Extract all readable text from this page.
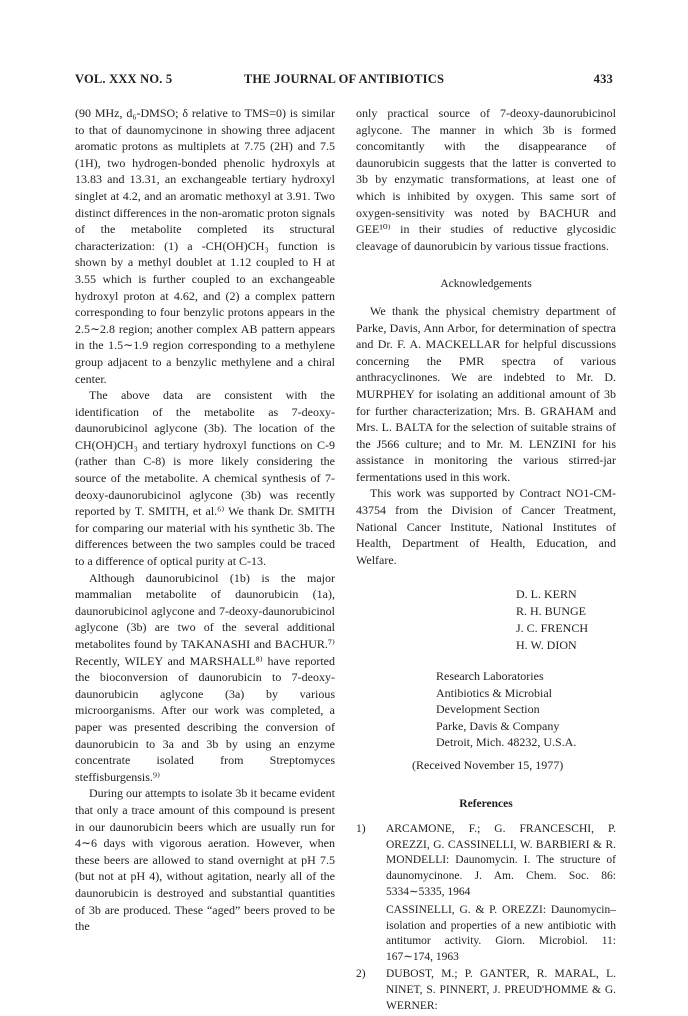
VOL. XXX NO. 5	THE JOURNAL OF ANTIBIOTICS	433

(90 MHz, d₆-DMSO; δ relative to TMS=0) is similar to that of daunomycinone in showing three adjacent aromatic protons as multiplets at 7.75 (2H) and 7.5 (1H), two hydrogen-bonded phenolic hydroxyls at 13.83 and 13.31, an exchangeable tertiary hydroxyl singlet at 4.2, and an aromatic methoxyl at 3.91. Two distinct differences in the non-aromatic proton signals of the metabolite completed its structural characterization: (1) a -CH(OH)CH₃ function is shown by a methyl doublet at 1.12 coupled to H at 3.55 which is further coupled to an exchangeable hydroxyl proton at 4.62, and (2) a complex pattern corresponding to four benzylic protons appears in the 2.5∼2.8 region; another complex AB pattern appears in the 1.5∼1.9 region corresponding to a methylene group adjacent to a benzylic methylene and a chiral center.

The above data are consistent with the identification of the metabolite as 7-deoxy-daunorubicinol aglycone (3b). The location of the CH(OH)CH₃ and tertiary hydroxyl functions on C-9 (rather than C-8) is more likely considering the source of the metabolite. A chemical synthesis of 7-deoxy-daunorubicinol aglycone (3b) was recently reported by T. SMITH, et al.⁶⁾ We thank Dr. SMITH for comparing our material with his synthetic 3b. The differences between the two samples could be traced to a difference of optical purity at C-13.

Although daunorubicinol (1b) is the major mammalian metabolite of daunorubicin (1a), daunorubicinol aglycone and 7-deoxy-daunorubicinol aglycone (3b) are two of the several additional metabolites found by TAKANASHI and BACHUR.⁷⁾ Recently, WILEY and MARSHALL⁸⁾ have reported the bioconversion of daunorubicin to 7-deoxy-daunorubicin aglycone (3a) by various microorganisms. After our work was completed, a paper was presented describing the conversion of daunorubicin to 3a and 3b by using an enzyme concentrate isolated from Streptomyces steffisburgensis.⁹⁾

During our attempts to isolate 3b it became evident that only a trace amount of this compound is present in our daunorubicin beers which are usually run for 4∼6 days with vigorous aeration. However, when these beers are allowed to stand overnight at pH 7.5 (but not at pH 4), without agitation, nearly all of the daunorubicin is destroyed and substantial quantities of 3b are produced. These “aged” beers proved to be the

only practical source of 7-deoxy-daunorubicinol aglycone. The manner in which 3b is formed concomitantly with the disappearance of daunorubicin suggests that the latter is converted to 3b by enzymatic transformations, at least one of which is inhibited by oxygen. This same sort of oxygen-sensitivity was noted by BACHUR and GEE¹⁰⁾ in their studies of reductive glycosidic cleavage of daunorubicin by various tissue fractions.

Acknowledgements

We thank the physical chemistry department of Parke, Davis, Ann Arbor, for determination of spectra and Dr. F. A. MACKELLAR for helpful discussions concerning the PMR spectra of various anthracyclinones. We are indebted to Mr. D. MURPHEY for isolating an additional amount of 3b for further characterization; Mrs. B. GRAHAM and Mrs. L. BALTA for the selection of suitable strains of the J566 culture; and to Mr. M. LENZINI for his assistance in monitoring the various stirred-jar fermentations used in this work.

This work was supported by Contract NO1-CM-43754 from the Division of Cancer Treatment, National Cancer Institute, National Institutes of Health, Department of Health, Education, and Welfare.

D. L. KERN
R. H. BUNGE
J. C. FRENCH
H. W. DION
Research Laboratories
Antibiotics & Microbial
Development Section
Parke, Davis & Company
Detroit, Mich. 48232, U.S.A.
(Received November 15, 1977)
References
1) ARCAMONE, F.; G. FRANCESCHI, P. OREZZI, G. CASSINELLI, W. BARBIERI & R. MONDELLI: Daunomycin. I. The structure of daunomycinone. J. Am. Chem. Soc. 86: 5334∼5335, 1964
CASSINELLI, G. & P. OREZZI: Daunomycin–isolation and properties of a new antibiotic with antitumor activity. Giorn. Microbiol. 11: 167∼174, 1963
2) DUBOST, M.; P. GANTER, R. MARAL, L. NINET, S. PINNERT, J. PREUD'HOMME & G. WERNER:
